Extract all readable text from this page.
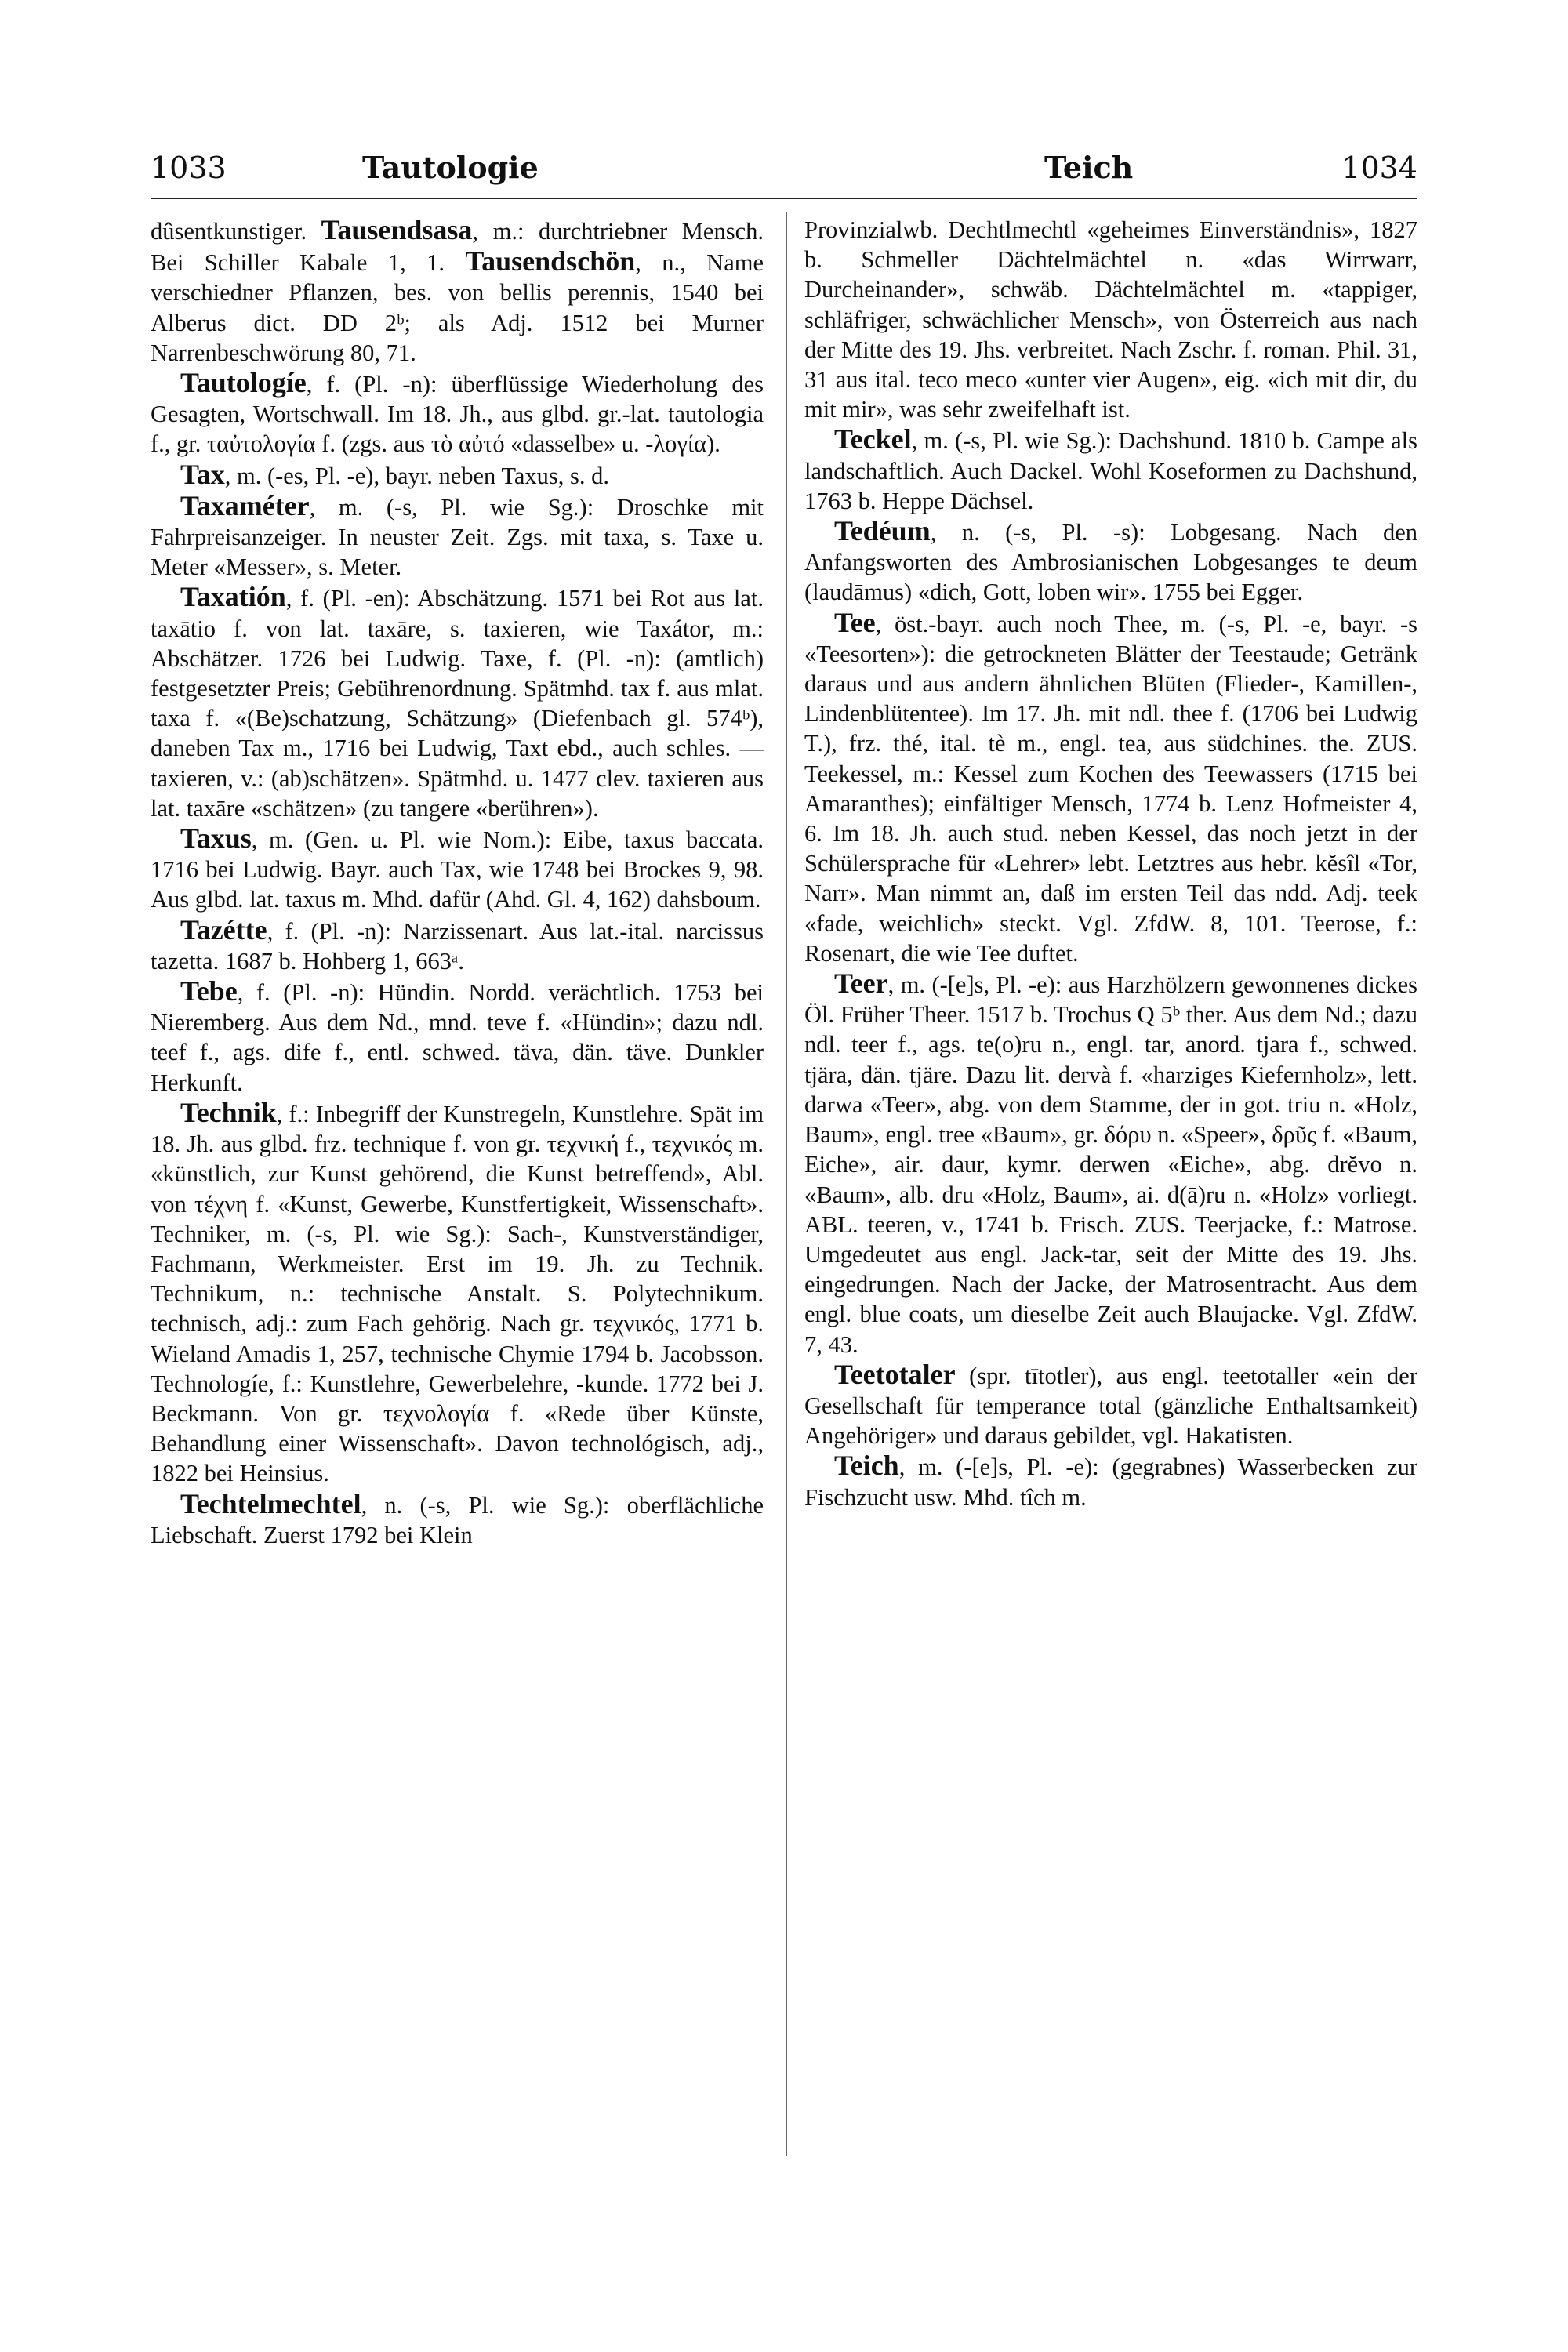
1033	Tautologie	Teich	1034

dûsentkunstiger. Tausendsasa, m.: durchtriebner Mensch. Bei Schiller Kabale 1, 1. Tausendschön, n., Name verschiedner Pflanzen, bes. von bellis perennis, 1540 bei Alberus dict. DD 2ᵇ; als Adj. 1512 bei Murner Narrenbeschwörung 80, 71.

Tautologíe, f. (Pl. -n): überflüssige Wiederholung des Gesagten, Wortschwall. Im 18. Jh., aus glbd. gr.-lat. tautologia f., gr. ταὐτολογία f. (zgs. aus τὸ αὐτό «dasselbe» u. -λογία).

Tax, m. (-es, Pl. -e), bayr. neben Taxus, s. d.

Taxaméter, m. (-s, Pl. wie Sg.): Droschke mit Fahrpreisanzeiger. In neuster Zeit. Zgs. mit taxa, s. Taxe u. Meter «Messer», s. Meter.

Taxatión, f. (Pl. -en): Abschätzung. 1571 bei Rot aus lat. taxātio f. von lat. taxāre, s. taxieren, wie Taxátor, m.: Abschätzer. 1726 bei Ludwig. Taxe, f. (Pl. -n): (amtlich) festgesetzter Preis; Gebührenordnung. Spätmhd. tax f. aus mlat. taxa f. «(Be)schatzung, Schätzung» (Diefenbach gl. 574ᵇ), daneben Tax m., 1716 bei Ludwig, Taxt ebd., auch schles. — taxieren, v.: (ab)schätzen». Spätmhd. u. 1477 clev. taxieren aus lat. taxāre «schätzen» (zu tangere «berühren»).

Taxus, m. (Gen. u. Pl. wie Nom.): Eibe, taxus baccata. 1716 bei Ludwig. Bayr. auch Tax, wie 1748 bei Brockes 9, 98. Aus glbd. lat. taxus m. Mhd. dafür (Ahd. Gl. 4, 162) dahsboum.

Tazétte, f. (Pl. -n): Narzissenart. Aus lat.-ital. narcissus tazetta. 1687 b. Hohberg 1, 663ᵃ.

Tebe, f. (Pl. -n): Hündin. Nordd. verächtlich. 1753 bei Nieremberg. Aus dem Nd., mnd. teve f. «Hündin»; dazu ndl. teef f., ags. dife f., entl. schwed. täva, dän. täve. Dunkler Herkunft.

Technik, f.: Inbegriff der Kunstregeln, Kunstlehre. Spät im 18. Jh. aus glbd. frz. technique f. von gr. τεχνική f., τεχνικός m. «künstlich, zur Kunst gehörend, die Kunst betreffend», Abl. von τέχνη f. «Kunst, Gewerbe, Kunstfertigkeit, Wissenschaft». Techniker, m. (-s, Pl. wie Sg.): Sach-, Kunstverständiger, Fachmann, Werkmeister. Erst im 19. Jh. zu Technik. Technikum, n.: technische Anstalt. S. Polytechnikum. technisch, adj.: zum Fach gehörig. Nach gr. τεχνικός, 1771 b. Wieland Amadis 1, 257, technische Chymie 1794 b. Jacobsson. Technologíe, f.: Kunstlehre, Gewerbelehre, -kunde. 1772 bei J. Beckmann. Von gr. τεχνολογία f. «Rede über Künste, Behandlung einer Wissenschaft». Davon technológisch, adj., 1822 bei Heinsius.

Techtelmechtel, n. (-s, Pl. wie Sg.): oberflächliche Liebschaft. Zuerst 1792 bei Klein

Provinzialwb. Dechtlmechtl «geheimes Einverständnis», 1827 b. Schmeller Dächtelmächtel n. «das Wirrwarr, Durcheinander», schwäb. Dächtelmächtel m. «tappiger, schläfriger, schwächlicher Mensch», von Österreich aus nach der Mitte des 19. Jhs. verbreitet. Nach Zschr. f. roman. Phil. 31, 31 aus ital. teco meco «unter vier Augen», eig. «ich mit dir, du mit mir», was sehr zweifelhaft ist.

Teckel, m. (-s, Pl. wie Sg.): Dachshund. 1810 b. Campe als landschaftlich. Auch Dackel. Wohl Koseformen zu Dachshund, 1763 b. Heppe Dächsel.

Tedéum, n. (-s, Pl. -s): Lobgesang. Nach den Anfangsworten des Ambrosianischen Lobgesanges te deum (laudāmus) «dich, Gott, loben wir». 1755 bei Egger.

Tee, öst.-bayr. auch noch Thee, m. (-s, Pl. -e, bayr. -s «Teesorten»): die getrockneten Blätter der Teestaude; Getränk daraus und aus andern ähnlichen Blüten (Flieder-, Kamillen-, Lindenblütentee). Im 17. Jh. mit ndl. thee f. (1706 bei Ludwig T.), frz. thé, ital. tè m., engl. tea, aus südchines. the. ZUS. Teekessel, m.: Kessel zum Kochen des Teewassers (1715 bei Amaranthes); einfältiger Mensch, 1774 b. Lenz Hofmeister 4, 6. Im 18. Jh. auch stud. neben Kessel, das noch jetzt in der Schülersprache für «Lehrer» lebt. Letztres aus hebr. kĕsîl «Tor, Narr». Man nimmt an, daß im ersten Teil das ndd. Adj. teek «fade, weichlich» steckt. Vgl. ZfdW. 8, 101. Teerose, f.: Rosenart, die wie Tee duftet.

Teer, m. (-[e]s, Pl. -e): aus Harzhölzern gewonnenes dickes Öl. Früher Theer. 1517 b. Trochus Q 5ᵇ ther. Aus dem Nd.; dazu ndl. teer f., ags. te(o)ru n., engl. tar, anord. tjara f., schwed. tjära, dän. tjäre. Dazu lit. dervà f. «harziges Kiefernholz», lett. darwa «Teer», abg. von dem Stamme, der in got. triu n. «Holz, Baum», engl. tree «Baum», gr. δόρυ n. «Speer», δρῦς f. «Baum, Eiche», air. daur, kymr. derwen «Eiche», abg. drĕvo n. «Baum», alb. dru «Holz, Baum», ai. d(ā)ru n. «Holz» vorliegt. ABL. teeren, v., 1741 b. Frisch. ZUS. Teerjacke, f.: Matrose. Umgedeutet aus engl. Jack-tar, seit der Mitte des 19. Jhs. eingedrungen. Nach der Jacke, der Matrosentracht. Aus dem engl. blue coats, um dieselbe Zeit auch Blaujacke. Vgl. ZfdW. 7, 43.

Teetotaler (spr. tītotler), aus engl. teetotaller «ein der Gesellschaft für temperance total (gänzliche Enthaltsamkeit) Angehöriger» und daraus gebildet, vgl. Hakatisten.

Teich, m. (-[e]s, Pl. -e): (gegrabnes) Wasserbecken zur Fischzucht usw. Mhd. tîch m.
